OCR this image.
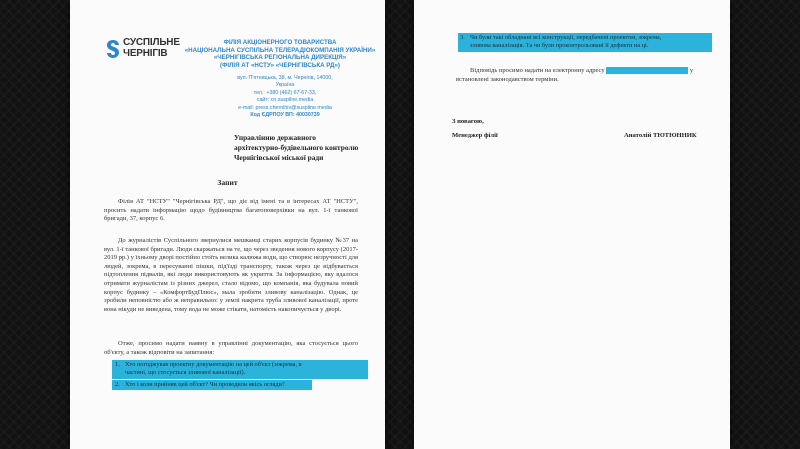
СУСПІЛЬНЕ
ЧЕРНІГІВ
ФІЛІЯ АКЦІОНЕРНОГО ТОВАРИСТВА
«НАЦІОНАЛЬНА СУСПІЛЬНА ТЕЛЕРАДІОКОМПАНІЯ УКРАЇНИ»
«ЧЕРНІГІВСЬКА РЕГІОНАЛЬНА ДИРЕКЦІЯ»
(ФІЛІЯ АТ «НСТУ» «ЧЕРНІГІВСЬКА РД»)
вул. П'ятницька, 38, м. Чернігів, 14000, Україна
тел.: +380 (462) 67-67-33,
сайт: cn.suspilne.media
e-mail: press.chernihiv@suspline.media
Код ЄДРПОУ ВП: 40030739
Управлінню державного
архітектурно-будівельного контролю
Чернігівської міської ради
Запит
Філія АТ "НСТУ" "Чернігівська РД", що діє від імені та в інтересах АТ "НСТУ", просить надати інформацію щодо будівництва багатоповерхівки на вул. 1-ї танкової бригади, 37, корпус 6.
До журналістів Суспільного звернулися мешканці старих корпусів будинку №37 на вул. 1-ї танкової бригади. Люди скаржаться на те, що через зведення нового корпусу (2017-2019 рр.) у їхньому дворі постійно стоїть велика калюжа води, що створює незручності для людей, зокрема, в пересуванні пішки, під'їзді транспорту, також через це відбувається підтоплення підвалів, які люди використовують як укриття. За інформацією, яку вдалося отримати журналістам із різних джерел, стало відомо, що компанія, яка будувала новий корпус будинку – «КомфортБудПлюс», мала зробити зливову каналізацію. Однак, це зробили неповністю або ж неправильно: у землі накрита труба зливової каналізації, проте вона нікуди не виведена, тому вода не може стікати, натомість накопичується у дворі.
Отже, просимо надати наявну в управлінні документацію, яка стосується цього об'єкту, а також відповіти на запитання:
1. Хто погоджував проектну документацію на цей об'єкт (зокрема, в
частині, що стосується зливової каналізації).
2. Хто і коли прийняв цей об'єкт? Чи проводили якісь огляди?
3. Чи були такі обладнані всі конструкції, передбачені проектом, зокрема,
зливова каналізація. Та чи були проконтрольовані її дефекти на ці.
Відповідь просимо надати на електронну адресу	у
встановлені законодавством терміни.
З повагою,
Менеджер філії	Анатолій ТЮТЮННИК
